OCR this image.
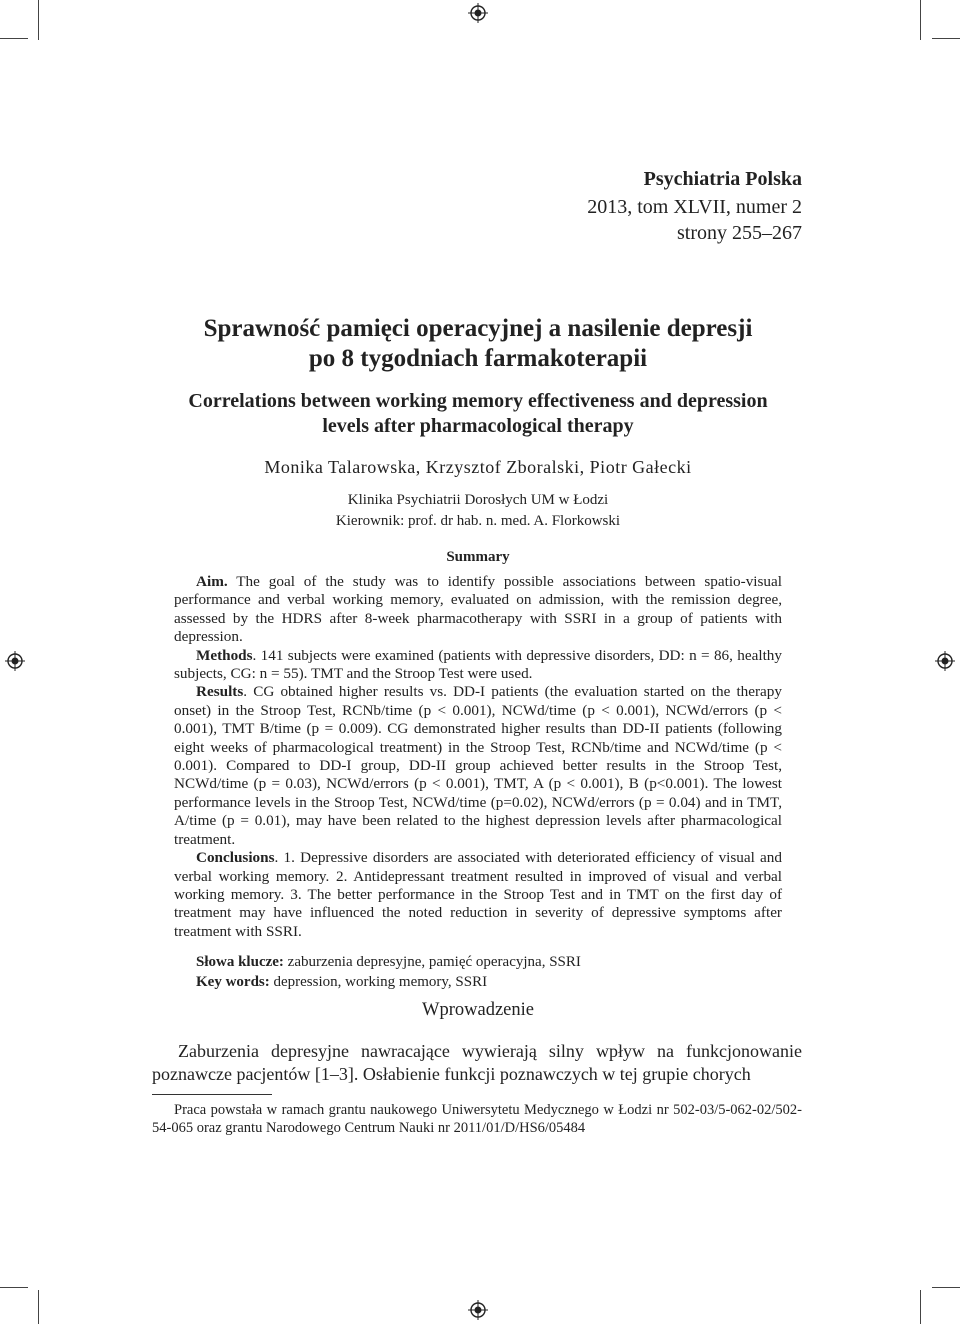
Psychiatria Polska
2013, tom XLVII, numer 2
strony 255–267
Sprawność pamięci operacyjnej a nasilenie depresji
po 8 tygodniach farmakoterapii
Correlations between working memory effectiveness and depression
levels after pharmacological therapy
Monika Talarowska, Krzysztof Zboralski, Piotr Gałecki
Klinika Psychiatrii Dorosłych UM w Łodzi
Kierownik: prof. dr hab. n. med. A. Florkowski
Summary

Aim. The goal of the study was to identify possible associations between spatio-visual performance and verbal working memory, evaluated on admission, with the remission degree, assessed by the HDRS after 8-week pharmacotherapy with SSRI in a group of patients with depression.

Methods. 141 subjects were examined (patients with depressive disorders, DD: n = 86, healthy subjects, CG: n = 55). TMT and the Stroop Test were used.

Results. CG obtained higher results vs. DD-I patients (the evaluation started on the therapy onset) in the Stroop Test, RCNb/time (p < 0.001), NCWd/time (p < 0.001), NCWd/errors (p < 0.001), TMT B/time (p = 0.009). CG demonstrated higher results than DD-II patients (following eight weeks of pharmacological treatment) in the Stroop Test, RCNb/time and NCWd/time (p < 0.001). Compared to DD-I group, DD-II group achieved better results in the Stroop Test, NCWd/time (p = 0.03), NCWd/errors (p < 0.001), TMT, A (p < 0.001), B (p<0.001). The lowest performance levels in the Stroop Test, NCWd/time (p=0.02), NCWd/errors (p = 0.04) and in TMT, A/time (p = 0.01), may have been related to the highest depression levels after pharmacological treatment.

Conclusions. 1. Depressive disorders are associated with deteriorated efficiency of visual and verbal working memory. 2. Antidepressant treatment resulted in improved of visual and verbal working memory. 3. The better performance in the Stroop Test and in TMT on the first day of treatment may have influenced the noted reduction in severity of depressive symptoms after treatment with SSRI.

Słowa klucze: zaburzenia depresyjne, pamięć operacyjna, SSRI
Key words: depression, working memory, SSRI
Wprowadzenie

Zaburzenia depresyjne nawracające wywierają silny wpływ na funkcjonowanie poznawcze pacjentów [1–3]. Osłabienie funkcji poznawczych w tej grupie chorych

Praca powstała w ramach grantu naukowego Uniwersytetu Medycznego w Łodzi nr 502-03/5-062-02/502-54-065 oraz grantu Narodowego Centrum Nauki nr 2011/01/D/HS6/05484
